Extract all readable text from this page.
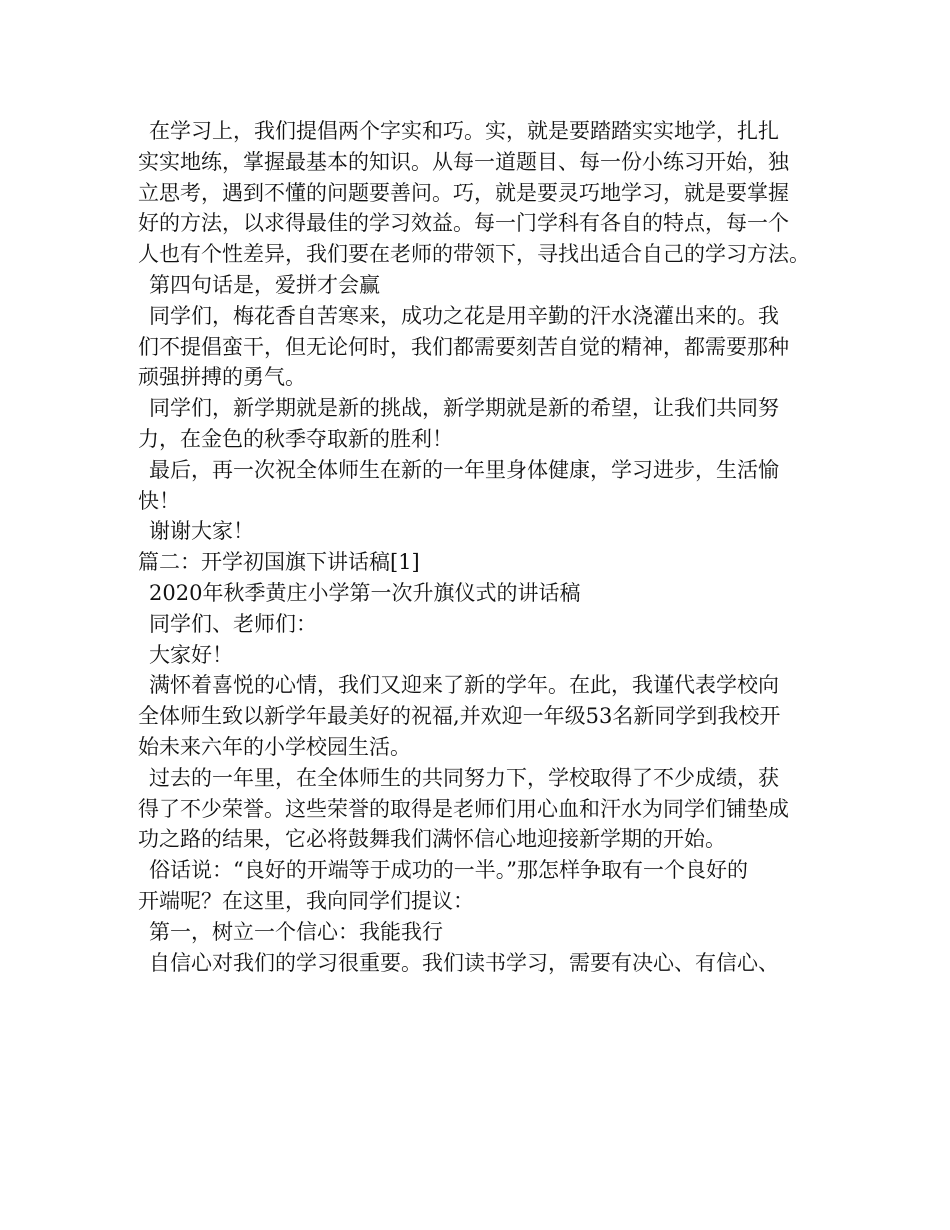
在学习上，我们提倡两个字实和巧。实，就是要踏踏实实地学，扎扎
实实地练，掌握最基本的知识。从每一道题目、每一份小练习开始，独
立思考，遇到不懂的问题要善问。巧，就是要灵巧地学习，就是要掌握
好的方法，以求得最佳的学习效益。每一门学科有各自的特点，每一个
人也有个性差异，我们要在老师的带领下，寻找出适合自己的学习方法。
第四句话是，爱拼才会赢
同学们，梅花香自苦寒来，成功之花是用辛勤的汗水浇灌出来的。我
们不提倡蛮干，但无论何时，我们都需要刻苦自觉的精神，都需要那种
顽强拼搏的勇气。
同学们，新学期就是新的挑战，新学期就是新的希望，让我们共同努
力，在金色的秋季夺取新的胜利！
最后，再一次祝全体师生在新的一年里身体健康，学习进步，生活愉
快！
谢谢大家！
篇二：开学初国旗下讲话稿[1]
2020年秋季黄庄小学第一次升旗仪式的讲话稿
同学们、老师们：
大家好！
满怀着喜悦的心情，我们又迎来了新的学年。在此，我谨代表学校向
全体师生致以新学年最美好的祝福,并欢迎一年级53名新同学到我校开
始未来六年的小学校园生活。
过去的一年里，在全体师生的共同努力下，学校取得了不少成绩，获
得了不少荣誉。这些荣誉的取得是老师们用心血和汗水为同学们铺垫成
功之路的结果，它必将鼓舞我们满怀信心地迎接新学期的开始。
俗话说：“良好的开端等于成功的一半。”那怎样争取有一个良好的
开端呢？在这里，我向同学们提议：
第一，树立一个信心：我能我行
自信心对我们的学习很重要。我们读书学习，需要有决心、有信心、
